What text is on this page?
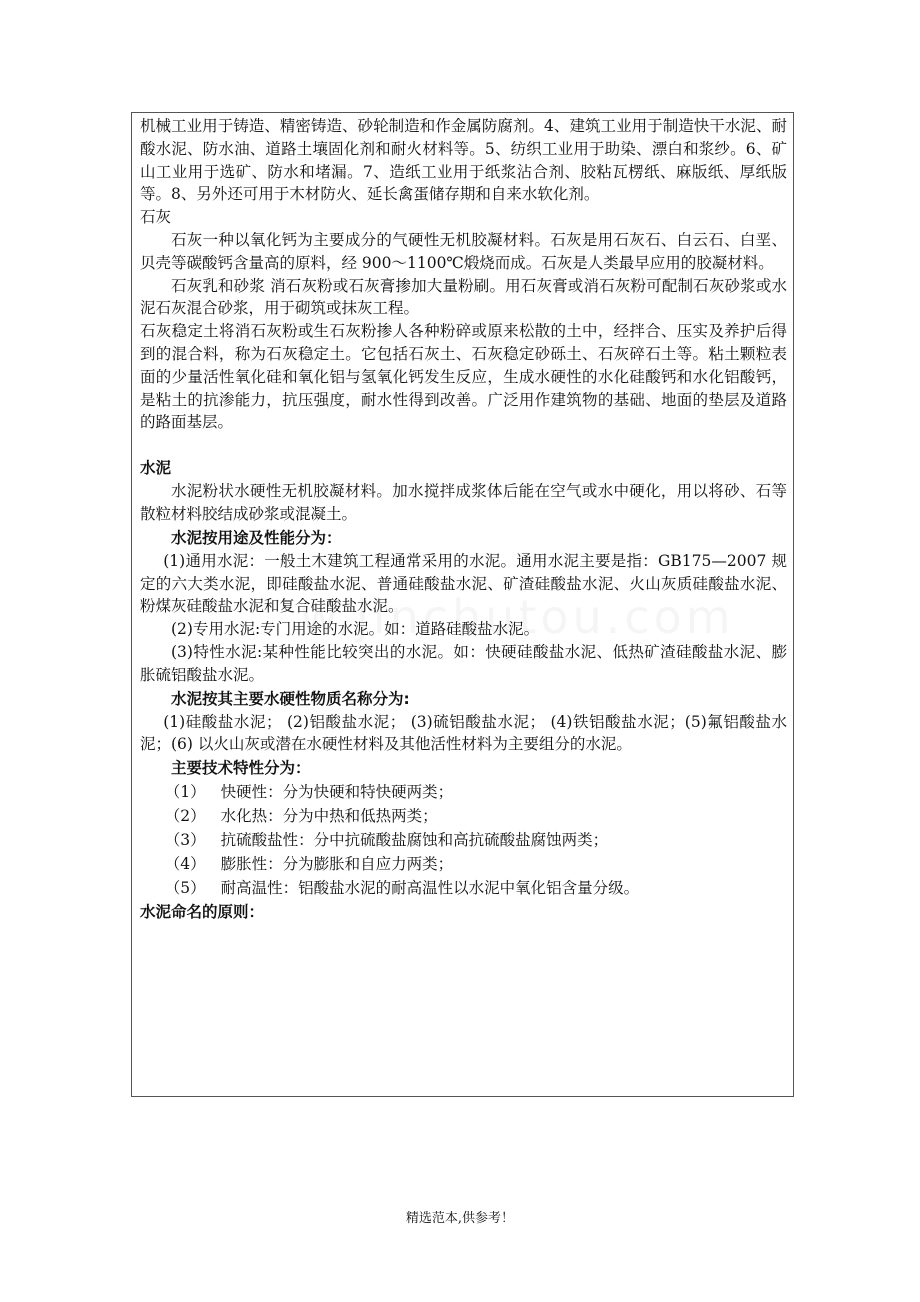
机械工业用于铸造、精密铸造、砂轮制造和作金属防腐剂。4、建筑工业用于制造快干水泥、耐酸水泥、防水油、道路土壤固化剂和耐火材料等。5、纺织工业用于助染、漂白和浆纱。6、矿山工业用于选矿、防水和堵漏。7、造纸工业用于纸浆沾合剂、胶粘瓦楞纸、麻版纸、厚纸版等。8、另外还可用于木材防火、延长禽蛋储存期和自来水软化剂。

石灰

石灰一种以氧化钙为主要成分的气硬性无机胶凝材料。石灰是用石灰石、白云石、白垩、贝壳等碳酸钙含量高的原料，经 900～1100℃煅烧而成。石灰是人类最早应用的胶凝材料。

石灰乳和砂浆 消石灰粉或石灰膏掺加大量粉刷。用石灰膏或消石灰粉可配制石灰砂浆或水泥石灰混合砂浆，用于砌筑或抹灰工程。

石灰稳定土将消石灰粉或生石灰粉掺人各种粉碎或原来松散的土中，经拌合、压实及养护后得到的混合料，称为石灰稳定土。它包括石灰土、石灰稳定砂砾土、石灰碎石土等。粘土颗粒表面的少量活性氧化硅和氧化铝与氢氧化钙发生反应，生成水硬性的水化硅酸钙和水化铝酸钙，是粘土的抗渗能力，抗压强度，耐水性得到改善。广泛用作建筑物的基础、地面的垫层及道路的路面基层。

水泥

水泥粉状水硬性无机胶凝材料。加水搅拌成浆体后能在空气或水中硬化，用以将砂、石等散粒材料胶结成砂浆或混凝土。

水泥按用途及性能分为：

(1)通用水泥：一般土木建筑工程通常采用的水泥。通用水泥主要是指：GB175—2007 规定的六大类水泥，即硅酸盐水泥、普通硅酸盐水泥、矿渣硅酸盐水泥、火山灰质硅酸盐水泥、粉煤灰硅酸盐水泥和复合硅酸盐水泥。

(2)专用水泥:专门用途的水泥。如：道路硅酸盐水泥。

(3)特性水泥:某种性能比较突出的水泥。如：快硬硅酸盐水泥、低热矿渣硅酸盐水泥、膨胀硫铝酸盐水泥。

水泥按其主要水硬性物质名称分为:

(1)硅酸盐水泥； (2)铝酸盐水泥； (3)硫铝酸盐水泥； (4)铁铝酸盐水泥；(5)氟铝酸盐水泥；(6) 以火山灰或潜在水硬性材料及其他活性材料为主要组分的水泥。

主要技术特性分为：

（1） 快硬性：分为快硬和特快硬两类；

（2） 水化热：分为中热和低热两类；

（3） 抗硫酸盐性：分中抗硫酸盐腐蚀和高抗硫酸盐腐蚀两类；

（4） 膨胀性：分为膨胀和自应力两类；

（5） 耐高温性：铝酸盐水泥的耐高温性以水泥中氧化铝含量分级。

水泥命名的原则：

精选范本,供参考！
